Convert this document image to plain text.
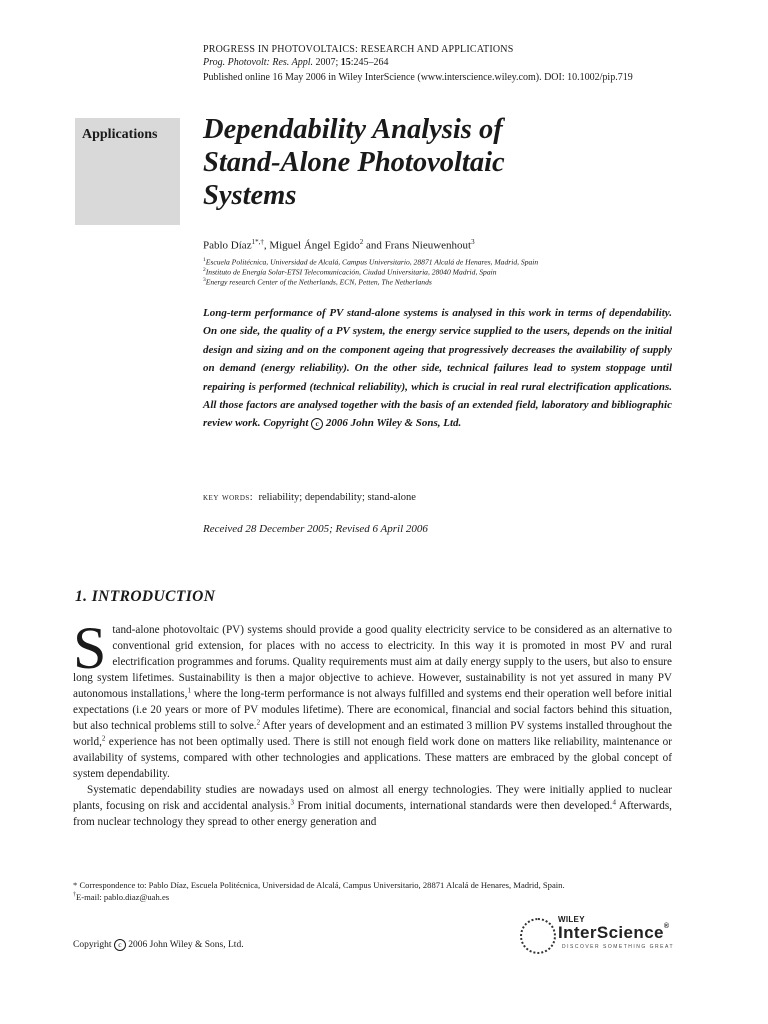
PROGRESS IN PHOTOVOLTAICS: RESEARCH AND APPLICATIONS
Prog. Photovolt: Res. Appl. 2007; 15:245–264
Published online 16 May 2006 in Wiley InterScience (www.interscience.wiley.com). DOI: 10.1002/pip.719
Applications Dependability Analysis of
Stand-Alone Photovoltaic
Systems
Pablo Díaz$^{1*,\dagger}$, Miguel Ángel Egido$^2$ and Frans Nieuwenhout$^3$
$^1$Escuela Politécnica, Universidad de Alcalá, Campus Universitario, 28871 Alcalá de Henares, Madrid, Spain
$^2$Instituto de Energía Solar-ETSI Telecomunicación, Ciudad Universitaria, 28040 Madrid, Spain
$^3$Energy research Center of the Netherlands, ECN, Petten, The Netherlands

Long-term performance of PV stand-alone systems is analysed in this work in terms of dependability. On one side, the quality of a PV system, the energy service supplied to the users, depends on the initial design and sizing and on the component ageing that progressively decreases the availability of supply on demand (energy reliability). On the other side, technical failures lead to system stoppage until repairing is performed (technical reliability), which is crucial in real rural electrification applications. All those factors are analysed together with the basis of an extended field, laboratory and bibliographic review work. Copyright c 2006 John Wiley & Sons, Ltd.

key words: reliability; dependability; stand-alone
Received 28 December 2005; Revised 6 April 2006
1. INTRODUCTION

Stand-alone photovoltaic (PV) systems should provide a good quality electricity service to be considered as an alternative to conventional grid extension, for places with no access to electricity. In this way it is promoted in most PV and rural electrification programmes and forums. Quality requirements must aim at daily energy supply to the users, but also to ensure long system lifetimes. Sustainability is then a major objective to achieve. However, sustainability is not yet assured in many PV autonomous installations,$^1$ where the long-term performance is not always fulfilled and systems end their operation well before initial expectations (i.e 20 years or more of PV modules lifetime). There are economical, financial and social factors behind this situation, but also technical problems still to solve.$^2$ After years of development and an estimated 3 million PV systems installed throughout the world,$^2$ experience has not been optimally used. There is still not enough field work done on matters like reliability, maintenance or availability of systems, compared with other technologies and applications. These matters are embraced by the global concept of system dependability.

Systematic dependability studies are nowadays used on almost all energy technologies. They were initially applied to nuclear plants, focusing on risk and accidental analysis.$^3$ From initial documents, international standards were then developed.$^4$ Afterwards, from nuclear technology they spread to other energy generation and

* Correspondence to: Pablo Díaz, Escuela Politécnica, Universidad de Alcalá, Campus Universitario, 28871 Alcalá de Henares, Madrid, Spain.
†E-mail: pablo.diaz@uah.es
Copyright c 2006 John Wiley & Sons, Ltd.
WILEY
InterScience®
DISCOVER SOMETHING GREAT
